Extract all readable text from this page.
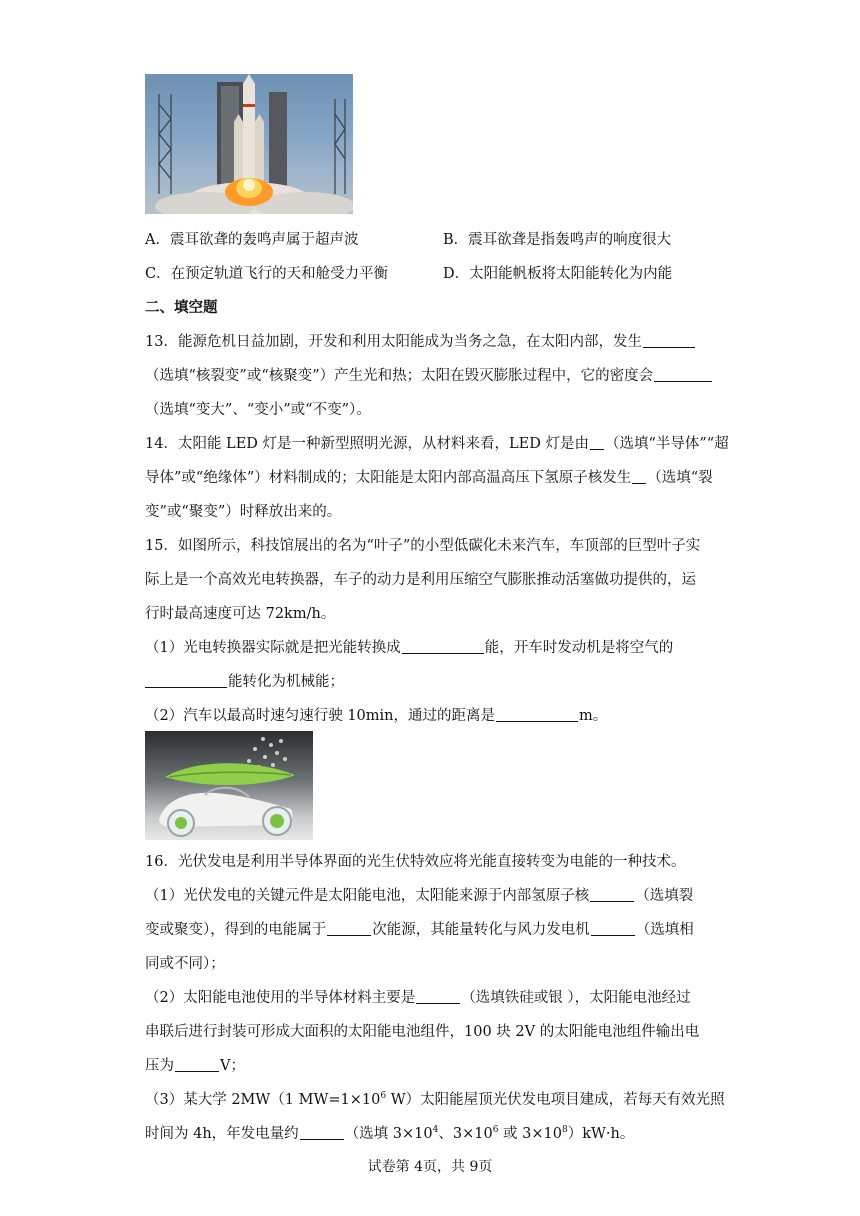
A．震耳欲聋的轰鸣声属于超声波	B．震耳欲聋是指轰鸣声的响度很大
C．在预定轨道飞行的天和舱受力平衡	D．太阳能帆板将太阳能转化为内能
二、填空题
13．能源危机日益加剧，开发和利用太阳能成为当务之急，在太阳内部，发生
（选填“核裂变”或“核聚变”）产生光和热；太阳在毁灭膨胀过程中，它的密度会
（选填“变大”、“变小”或“不变”）。
14．太阳能 LED 灯是一种新型照明光源，从材料来看，LED 灯是由 （选填“半导体”“超
导体”或“绝缘体”）材料制成的；太阳能是太阳内部高温高压下氢原子核发生 （选填“裂
变”或“聚变”）时释放出来的。
15．如图所示，科技馆展出的名为“叶子”的小型低碳化未来汽车，车顶部的巨型叶子实
际上是一个高效光电转换器，车子的动力是利用压缩空气膨胀推动活塞做功提供的，运
行时最高速度可达 72km/h。
（1）光电转换器实际就是把光能转换成	能，开车时发动机是将空气的
能转化为机械能；
（2）汽车以最高时速匀速行驶 10min，通过的距离是	m。
16．光伏发电是利用半导体界面的光生伏特效应将光能直接转变为电能的一种技术。
（1）光伏发电的关键元件是太阳能电池，太阳能来源于内部氢原子核	（选填裂
变或聚变），得到的电能属于	次能源，其能量转化与风力发电机	（选填相
同或不同）；
（2）太阳能电池使用的半导体材料主要是	（选填铁硅或银 ），太阳能电池经过
串联后进行封装可形成大面积的太阳能电池组件，100 块 2V 的太阳能电池组件输出电
压为	V；
（3）某大学 2MW（1 $MW=1\times 10^6$ W）太阳能屋顶光伏发电项目建成，若每天有效光照
时间为 4h，年发电量约	（选填 $3\times 10^4$、$3\times 10^6$ 或 $3\times 10^8)kW\cdot h$。
试卷第 4页，共 9页
